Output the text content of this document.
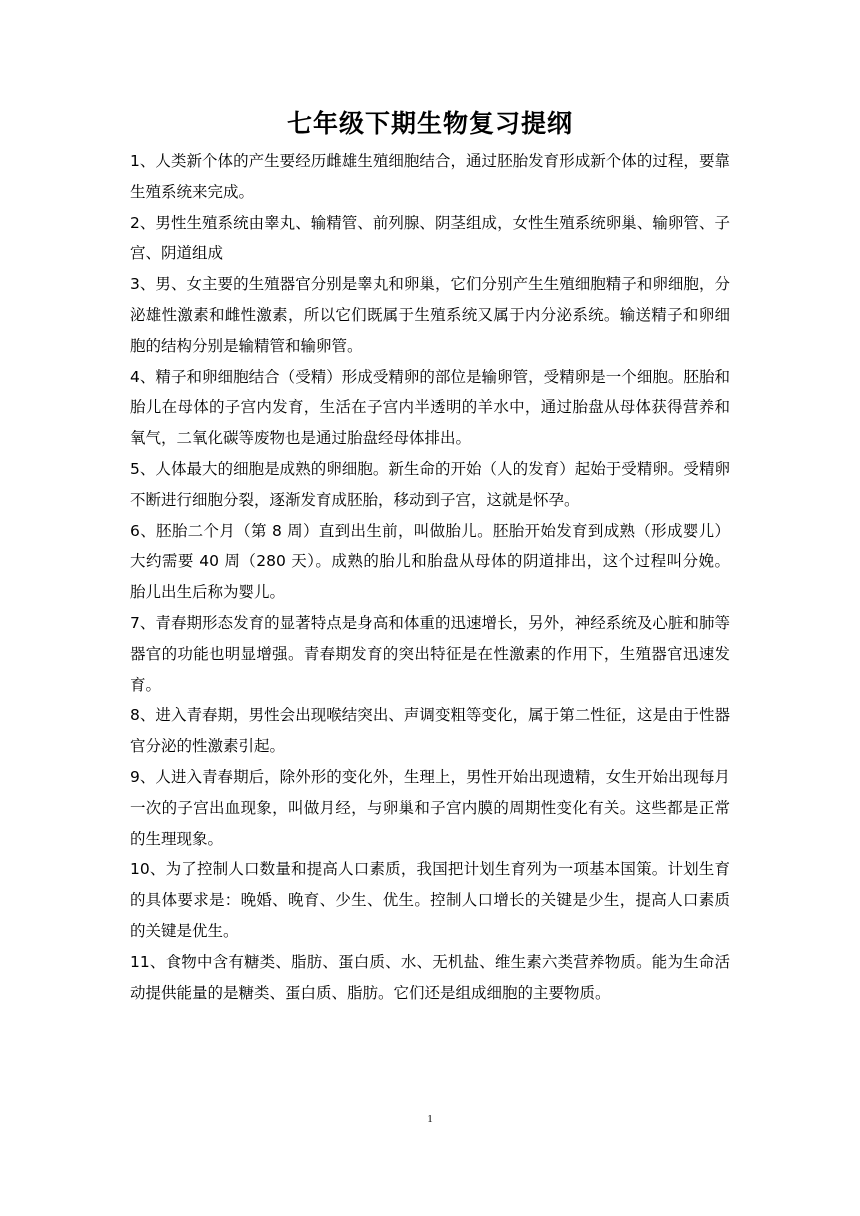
七年级下期生物复习提纲

1、人类新个体的产生要经历雌雄生殖细胞结合，通过胚胎发育形成新个体的过程，要靠生殖系统来完成。

2、男性生殖系统由睾丸、输精管、前列腺、阴茎组成，女性生殖系统卵巢、输卵管、子宫、阴道组成

3、男、女主要的生殖器官分别是睾丸和卵巢，它们分别产生生殖细胞精子和卵细胞，分泌雄性激素和雌性激素，所以它们既属于生殖系统又属于内分泌系统。输送精子和卵细胞的结构分别是输精管和输卵管。

4、精子和卵细胞结合（受精）形成受精卵的部位是输卵管，受精卵是一个细胞。胚胎和胎儿在母体的子宫内发育，生活在子宫内半透明的羊水中，通过胎盘从母体获得营养和氧气，二氧化碳等废物也是通过胎盘经母体排出。

5、人体最大的细胞是成熟的卵细胞。新生命的开始（人的发育）起始于受精卵。受精卵不断进行细胞分裂，逐渐发育成胚胎，移动到子宫，这就是怀孕。

6、胚胎二个月（第 8 周）直到出生前，叫做胎儿。胚胎开始发育到成熟（形成婴儿）大约需要 40 周（280 天）。成熟的胎儿和胎盘从母体的阴道排出，这个过程叫分娩。 胎儿出生后称为婴儿。

7、青春期形态发育的显著特点是身高和体重的迅速增长，另外，神经系统及心脏和肺等器官的功能也明显增强。青春期发育的突出特征是在性激素的作用下，生殖器官迅速发育。

8、进入青春期，男性会出现喉结突出、声调变粗等变化，属于第二性征，这是由于性器官分泌的性激素引起。

9、人进入青春期后，除外形的变化外，生理上，男性开始出现遗精，女生开始出现每月一次的子宫出血现象，叫做月经，与卵巢和子宫内膜的周期性变化有关。这些都是正常的生理现象。

10、为了控制人口数量和提高人口素质，我国把计划生育列为一项基本国策。计划生育的具体要求是：晚婚、晚育、少生、优生。控制人口增长的关键是少生，提高人口素质的关键是优生。

11、食物中含有糖类、脂肪、蛋白质、水、无机盐、维生素六类营养物质。能为生命活动提供能量的是糖类、蛋白质、脂肪。它们还是组成细胞的主要物质。

1
